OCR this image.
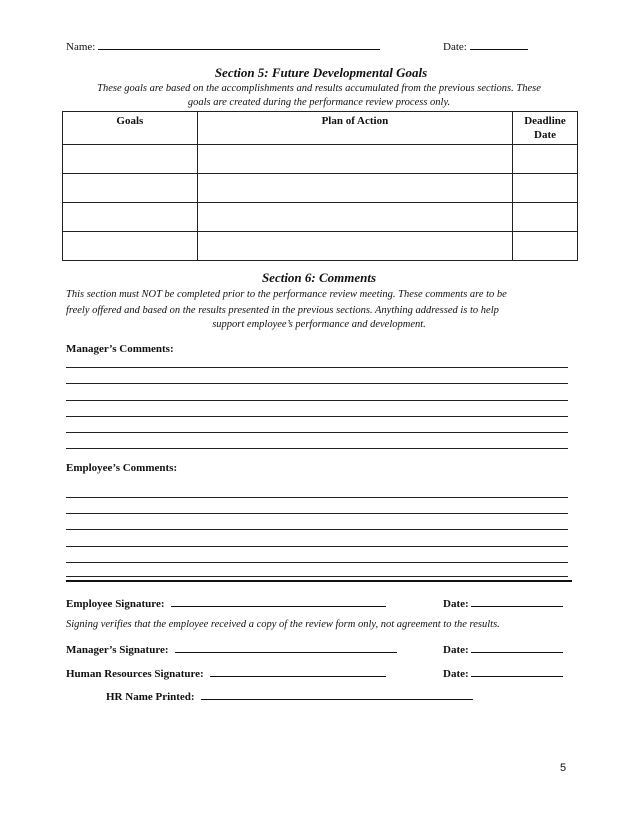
Name:	Date:
Section 5: Future Developmental Goals
These goals are based on the accomplishments and results accumulated from the previous sections. These
goals are created during the performance review process only.
Goals	Plan of Action	Deadline
Date

Section 6: Comments
This section must NOT be completed prior to the performance review meeting. These comments are to be
freely offered and based on the results presented in the previous sections. Anything addressed is to help
support employee’s performance and development.
Manager’s Comments:
Employee’s Comments:
Employee Signature:	Date:
Signing verifies that the employee received a copy of the review form only, not agreement to the results.
Manager’s Signature:	Date:
Human Resources Signature:	Date:
HR Name Printed:
5
